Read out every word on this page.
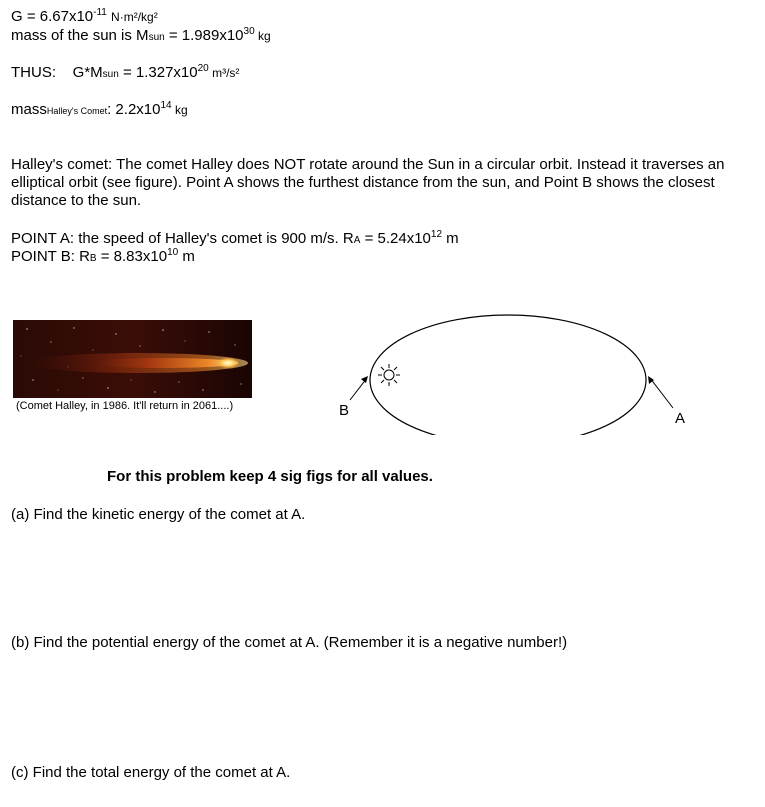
$G = 6.67x10^{-11}$ N·m²/kg²
mass of the sun is Msun = $1.989x10^{30}$ kg
THUS: G*Msun = $1.327x10^{20}$ m³/s²
massHalley's Comet: $2.2x10^{14}$ kg
Halley's comet: The comet Halley does NOT rotate around the Sun in a circular orbit. Instead it traverses an elliptical orbit (see figure). Point A shows the furthest distance from the sun, and Point B shows the closest distance to the sun.
POINT A: the speed of Halley's comet is 900 m/s. RA = $5.24x10^{12}$ m
POINT B: RB = $8.83x10^{10}$ m
(Comet Halley, in 1986. It'll return in 2061....)	B	A
For this problem keep 4 sig figs for all values.
(a) Find the kinetic energy of the comet at A.
(b) Find the potential energy of the comet at A. (Remember it is a negative number!)
(c) Find the total energy of the comet at A.
